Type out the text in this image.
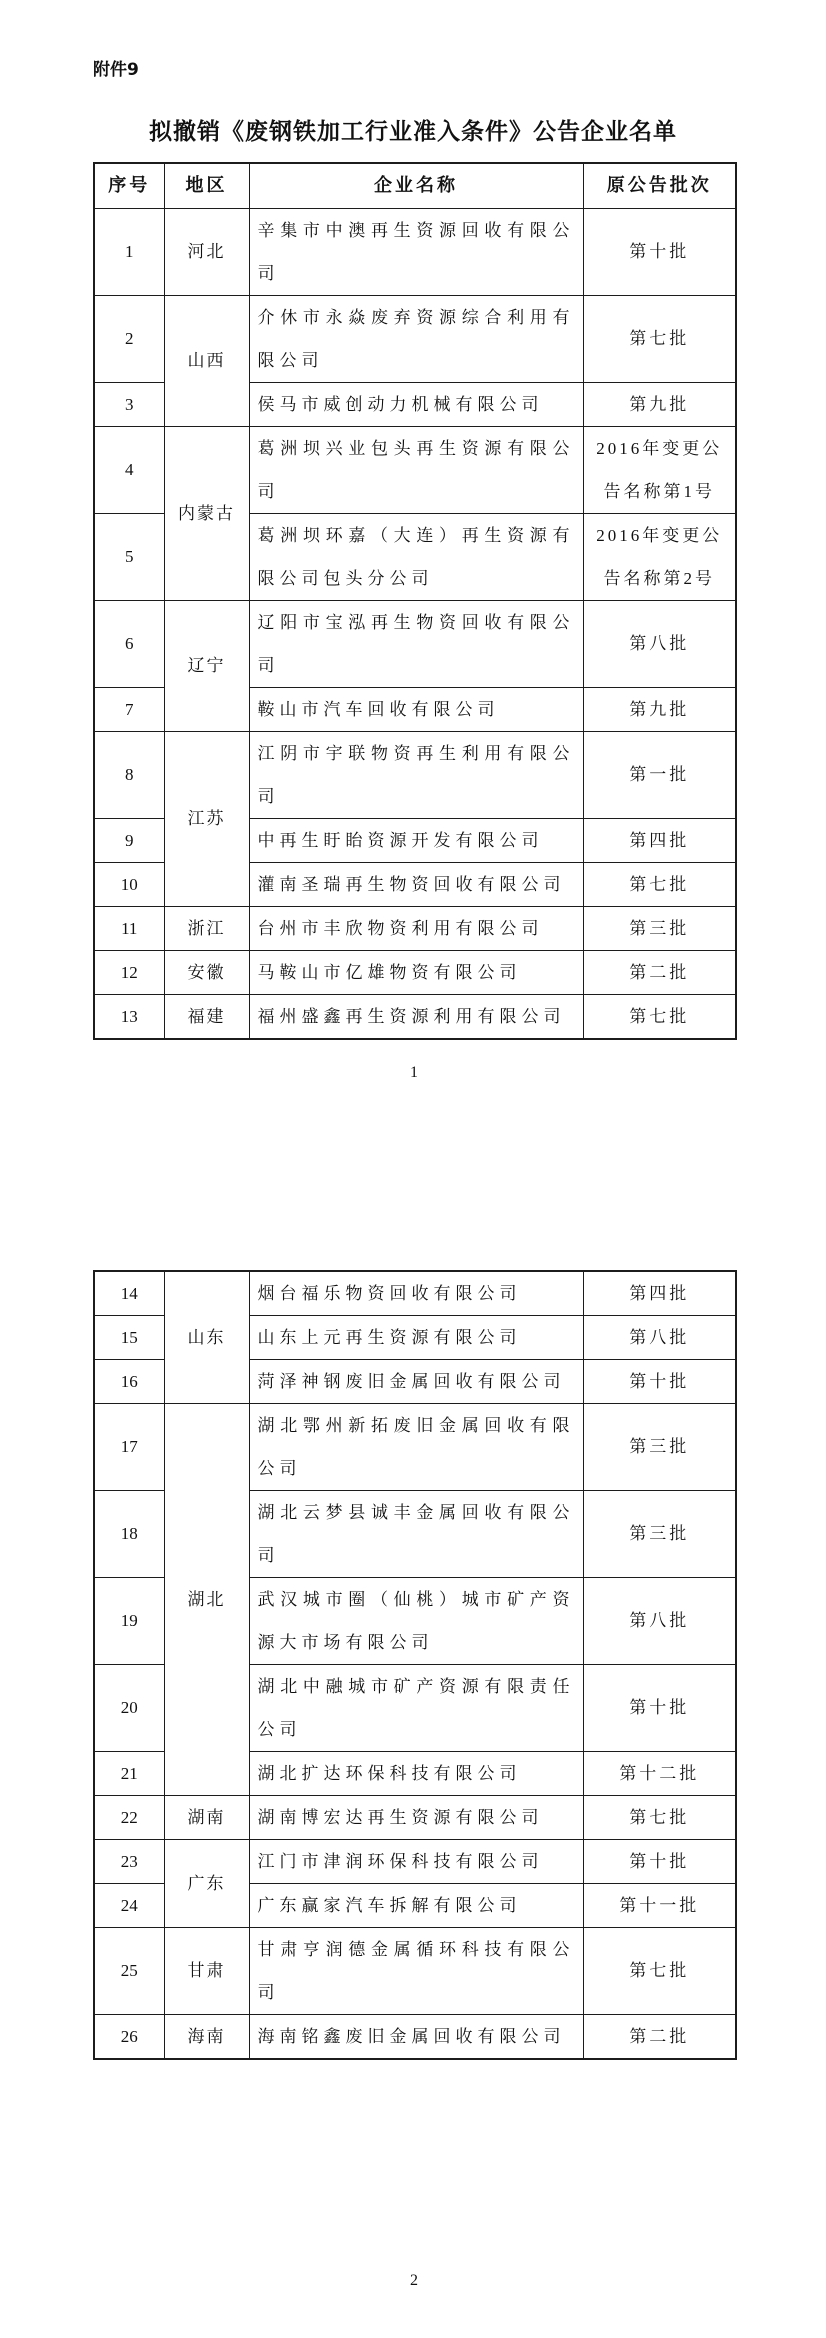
附件9
拟撤销《废钢铁加工行业准入条件》公告企业名单
序号	地区	企业名称	原公告批次
1	河北	辛集市中澳再生资源回收有限公司	第十批
2	山西	介休市永焱废弃资源综合利用有限公司	第七批
3		侯马市威创动力机械有限公司	第九批
4	内蒙古	葛洲坝兴业包头再生资源有限公司	2016年变更公告名称第1号
5		葛洲坝环嘉（大连）再生资源有限公司包头分公司	2016年变更公告名称第2号
6	辽宁	辽阳市宝泓再生物资回收有限公司	第八批
7		鞍山市汽车回收有限公司	第九批
8	江苏	江阴市宇联物资再生利用有限公司	第一批
9		中再生盱眙资源开发有限公司	第四批
10		灌南圣瑞再生物资回收有限公司	第七批
11	浙江	台州市丰欣物资利用有限公司	第三批
12	安徽	马鞍山市亿雄物资有限公司	第二批
13	福建	福州盛鑫再生资源利用有限公司	第七批
1
14	山东	烟台福乐物资回收有限公司	第四批
15		山东上元再生资源有限公司	第八批
16		菏泽神钢废旧金属回收有限公司	第十批
17	湖北	湖北鄂州新拓废旧金属回收有限公司	第三批
18		湖北云梦县诚丰金属回收有限公司	第三批
19		武汉城市圈（仙桃）城市矿产资源大市场有限公司	第八批
20		湖北中融城市矿产资源有限责任公司	第十批
21		湖北扩达环保科技有限公司	第十二批
22	湖南	湖南博宏达再生资源有限公司	第七批
23	广东	江门市津润环保科技有限公司	第十批
24		广东赢家汽车拆解有限公司	第十一批
25	甘肃	甘肃亨润德金属循环科技有限公司	第七批
26	海南	海南铭鑫废旧金属回收有限公司	第二批
2
